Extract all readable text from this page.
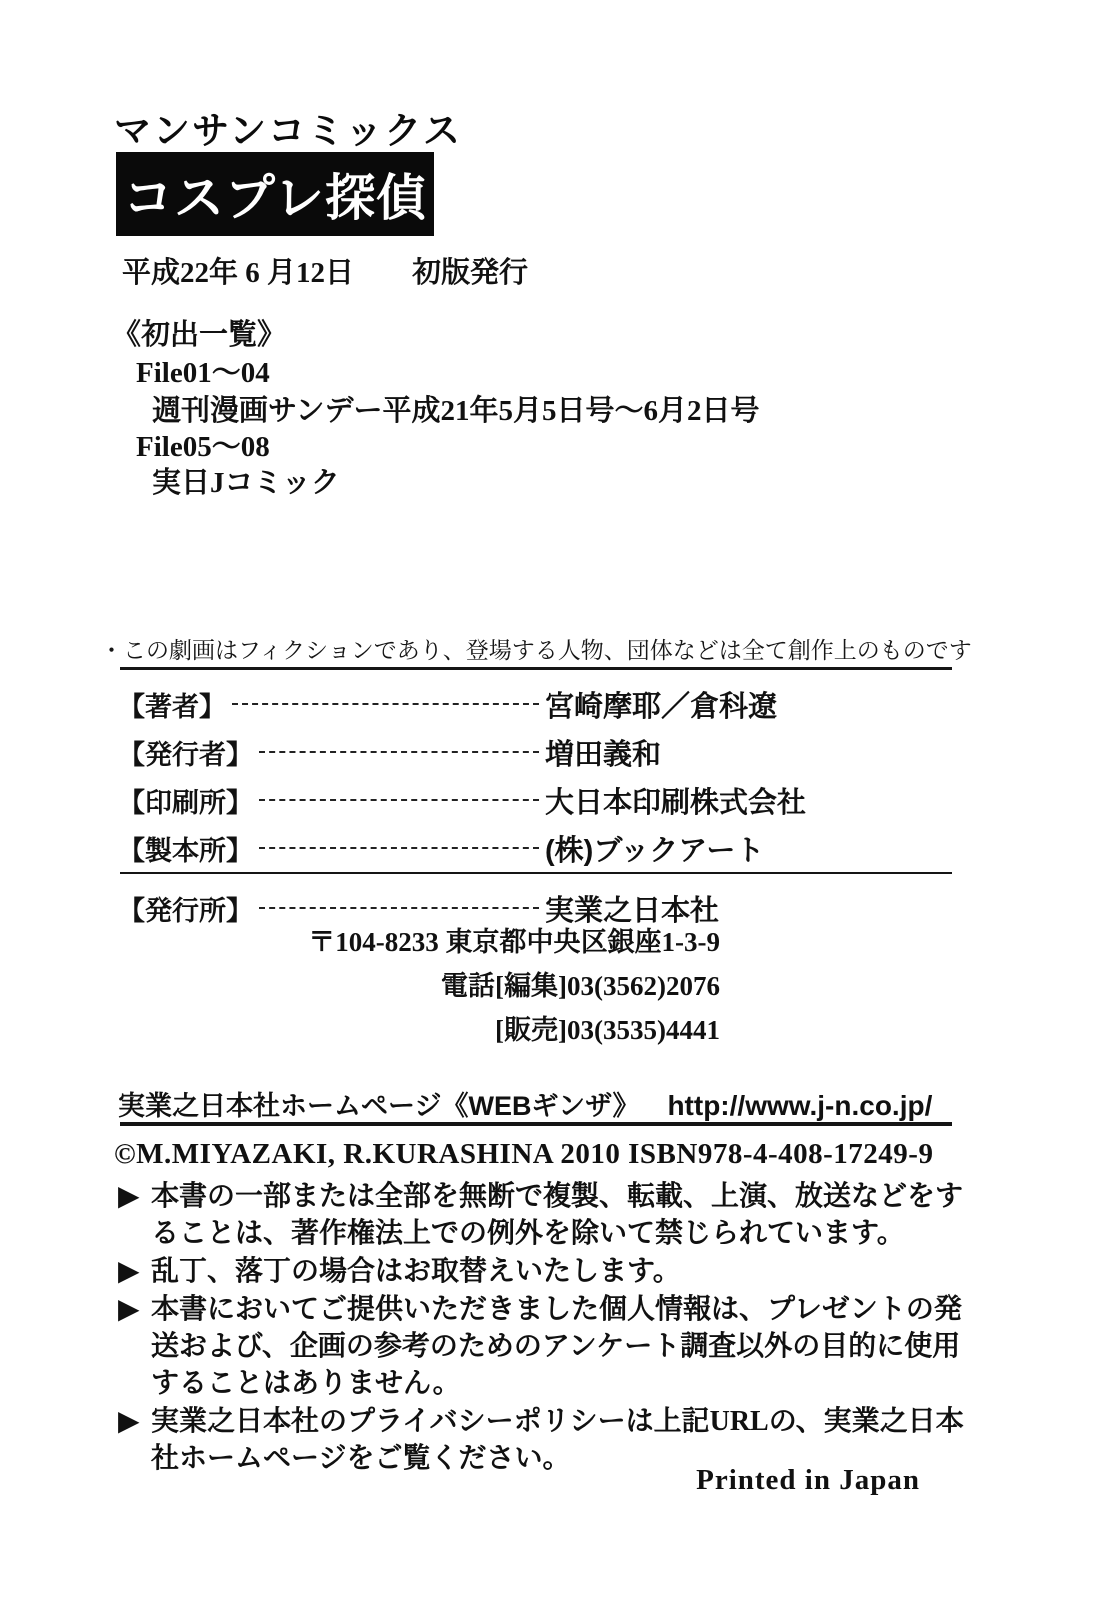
マンサンコミックス
コスプレ探偵
平成22年 6 月12日　　初版発行
《初出一覧》
File01～04
週刊漫画サンデー平成21年5月5日号～6月2日号
File05～08
実日Jコミック
・この劇画はフィクションであり、登場する人物、団体などは全て創作上のものです
【著者】	宮崎摩耶／倉科遼
【発行者】	増田義和
【印刷所】	大日本印刷株式会社
【製本所】	(株)ブックアート
【発行所】	実業之日本社
〒104-8233 東京都中央区銀座1-3-9
電話[編集]03(3562)2076
[販売]03(3535)4441
実業之日本社ホームページ《WEBギンザ》 http://www.j-n.co.jp/
©M.MIYAZAKI, R.KURASHINA 2010 ISBN978-4-408-17249-9

▶ 本書の一部または全部を無断で複製、転載、上演、放送などをすることは、著作権法上での例外を除いて禁じられています。

▶ 乱丁、落丁の場合はお取替えいたします。

▶ 本書においてご提供いただきました個人情報は、プレゼントの発送および、企画の参考のためのアンケート調査以外の目的に使用することはありません。

▶ 実業之日本社のプライバシーポリシーは上記URLの、実業之日本社ホームページをご覧ください。

Printed in Japan
